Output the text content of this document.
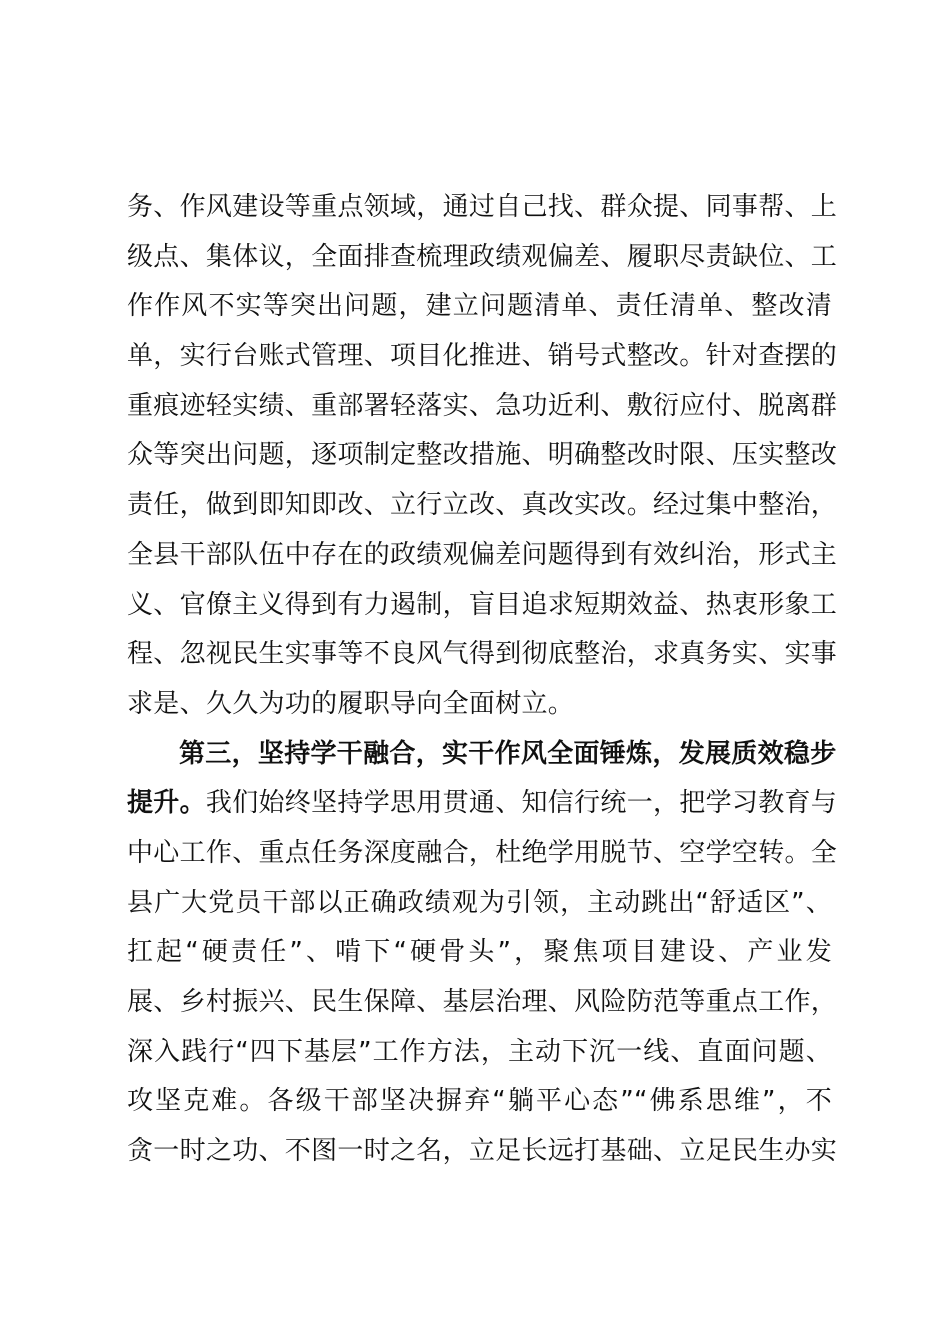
务、作风建设等重点领域，通过自己找、群众提、同事帮、上
级点、集体议，全面排查梳理政绩观偏差、履职尽责缺位、工
作作风不实等突出问题，建立问题清单、责任清单、整改清
单，实行台账式管理、项目化推进、销号式整改。针对查摆的
重痕迹轻实绩、重部署轻落实、急功近利、敷衍应付、脱离群
众等突出问题，逐项制定整改措施、明确整改时限、压实整改
责任，做到即知即改、立行立改、真改实改。经过集中整治，
全县干部队伍中存在的政绩观偏差问题得到有效纠治，形式主
义、官僚主义得到有力遏制，盲目追求短期效益、热衷形象工
程、忽视民生实事等不良风气得到彻底整治，求真务实、实事
求是、久久为功的履职导向全面树立。
第三，坚持学干融合，实干作风全面锤炼，发展质效稳步
提升。我们始终坚持学思用贯通、知信行统一，把学习教育与
中心工作、重点任务深度融合，杜绝学用脱节、空学空转。全
县广大党员干部以正确政绩观为引领，主动跳出“舒适区”、
扛起“硬责任”、啃下“硬骨头”，聚焦项目建设、产业发
展、乡村振兴、民生保障、基层治理、风险防范等重点工作，
深入践行“四下基层”工作方法，主动下沉一线、直面问题、
攻坚克难。各级干部坚决摒弃“躺平心态”“佛系思维”，不
贪一时之功、不图一时之名，立足长远打基础、立足民生办实
